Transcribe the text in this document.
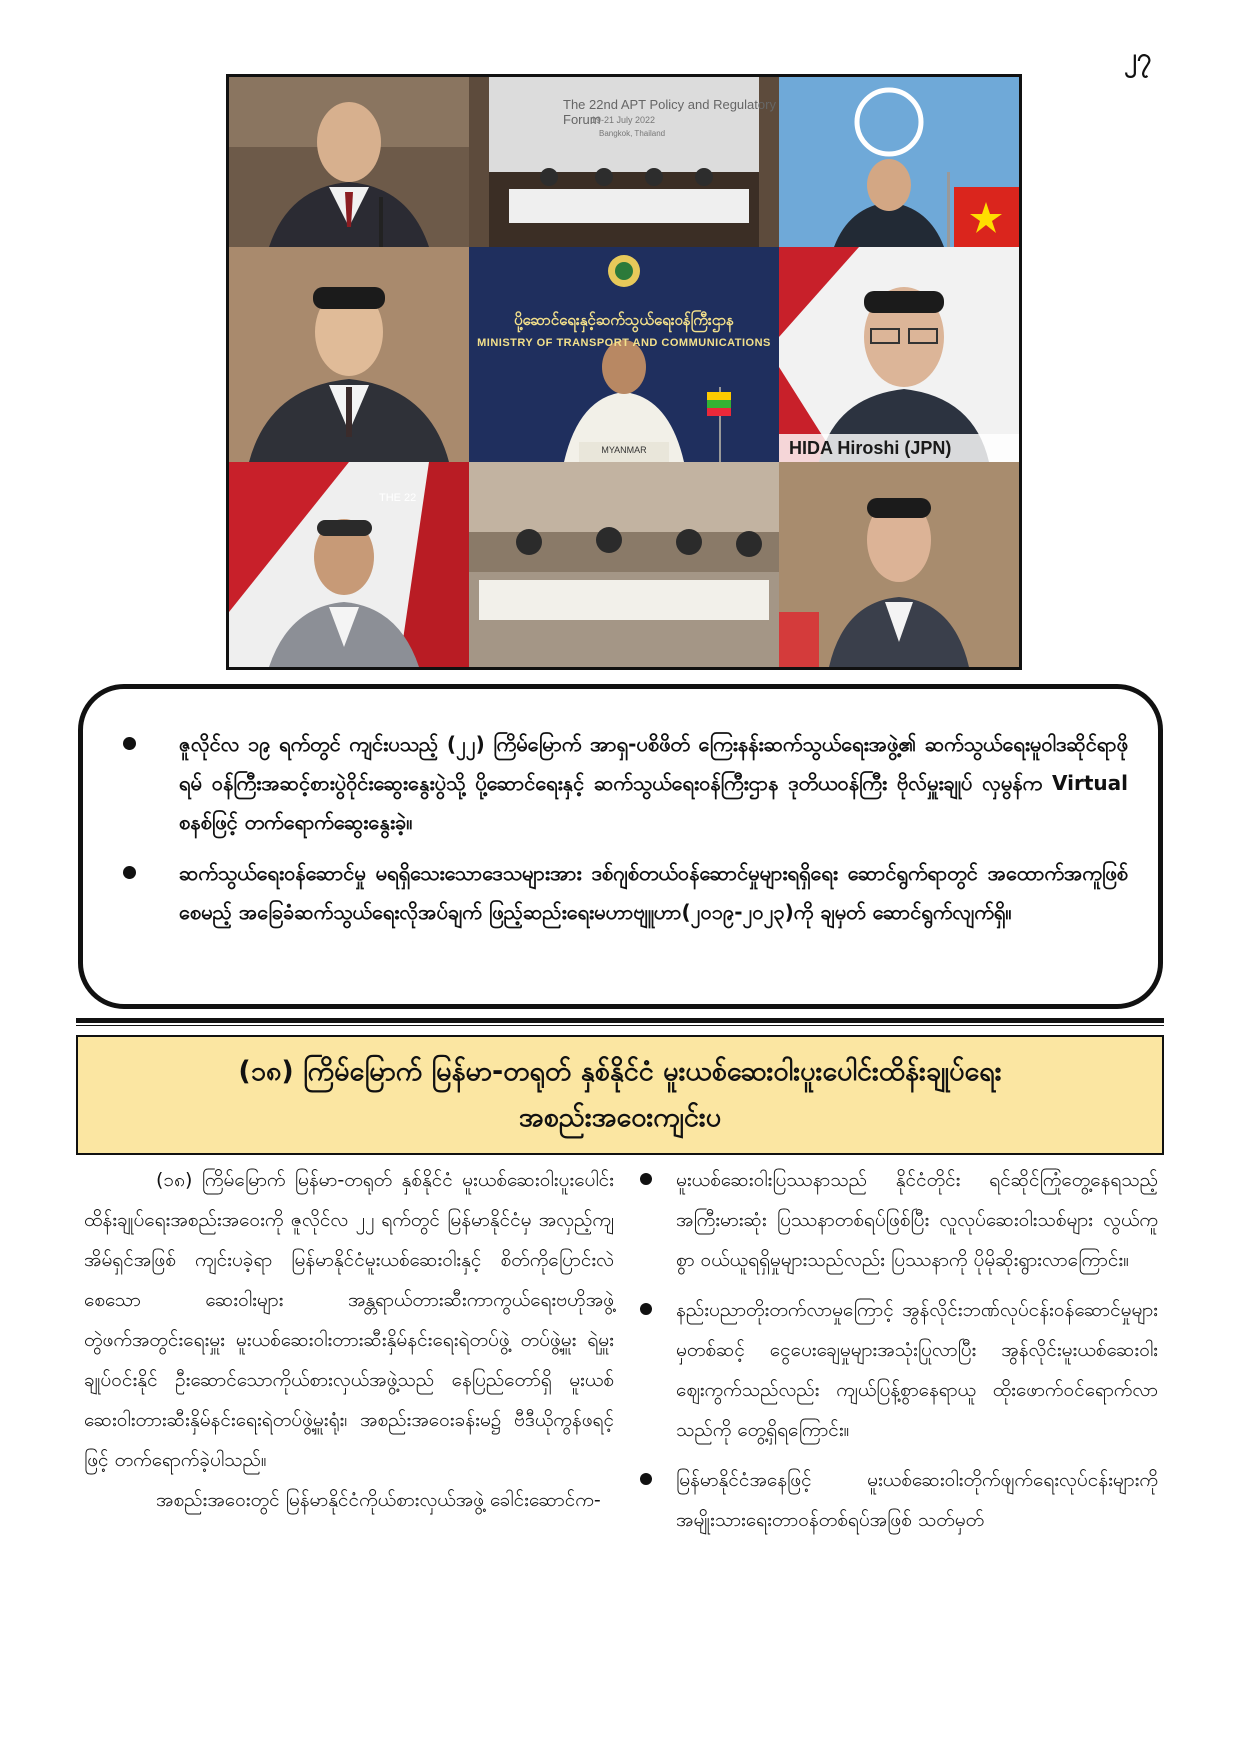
၂၇
The 22nd APT Policy and Regulatory Forum
19-21 July 2022
Bangkok, Thailand
ပို့ဆောင်ရေးနှင့်ဆက်သွယ်ရေးဝန်ကြီးဌာန
MINISTRY OF TRANSPORT AND COMMUNICATIONS
MYANMAR	HIDA Hiroshi (JPN)
THE 22
ဇူလိုင်လ ၁၉ ရက်တွင် ကျင်းပသည့် (၂၂) ကြိမ်မြောက် အာရှ-ပစိဖိတ် ကြေးနန်းဆက်သွယ်ရေးအဖွဲ့၏ ဆက်သွယ်ရေးမူဝါဒဆိုင်ရာဖိုရမ် ဝန်ကြီးအဆင့်စားပွဲဝိုင်းဆွေးနွေးပွဲသို့ ပို့ဆောင်ရေးနှင့် ဆက်သွယ်ရေးဝန်ကြီးဌာန ဒုတိယဝန်ကြီး ဗိုလ်မှူးချုပ် လှမွန်က Virtual စနစ်ဖြင့် တက်ရောက်ဆွေးနွေးခဲ့။
ဆက်သွယ်ရေးဝန်ဆောင်မှု မရရှိသေးသောဒေသများအား ဒစ်ဂျစ်တယ်ဝန်ဆောင်မှုများရရှိရေး ဆောင်ရွက်ရာတွင် အထောက်အကူဖြစ်စေမည့် အခြေခံဆက်သွယ်ရေးလိုအပ်ချက် ဖြည့်ဆည်းရေးမဟာဗျူဟာ(၂၀၁၉-၂၀၂၃)ကို ချမှတ် ဆောင်ရွက်လျက်ရှိ။
(၁၈) ကြိမ်မြောက် မြန်မာ-တရုတ် နှစ်နိုင်ငံ မူးယစ်ဆေးဝါးပူးပေါင်းထိန်းချုပ်ရေး
အစည်းအဝေးကျင်းပ

(၁၈) ကြိမ်မြောက် မြန်မာ-တရုတ် နှစ်နိုင်ငံ မူးယစ်ဆေးဝါးပူးပေါင်းထိန်းချုပ်ရေးအစည်းအဝေးကို ဇူလိုင်လ ၂၂ ရက်တွင် မြန်မာနိုင်ငံမှ အလှည့်ကျအိမ်ရှင်အဖြစ် ကျင်းပခဲ့ရာ မြန်မာနိုင်ငံမူးယစ်ဆေးဝါးနှင့် စိတ်ကိုပြောင်းလဲစေသော ဆေးဝါးများ အန္တရာယ်တားဆီးကာကွယ်ရေးဗဟိုအဖွဲ့ တွဲဖက်အတွင်းရေးမှူး မူးယစ်ဆေးဝါးတားဆီးနှိမ်နင်းရေးရဲတပ်ဖွဲ့ တပ်ဖွဲ့မှူး ရဲမှူးချုပ်ဝင်းနိုင် ဦးဆောင်သောကိုယ်စားလှယ်အဖွဲ့သည် နေပြည်တော်ရှိ မူးယစ်ဆေးဝါးတားဆီးနှိမ်နင်းရေးရဲတပ်ဖွဲ့မှူးရုံး၊ အစည်းအဝေးခန်းမ၌ ဗီဒီယိုကွန်ဖရင့်ဖြင့် တက်ရောက်ခဲ့ပါသည်။

အစည်းအဝေးတွင် မြန်မာနိုင်ငံကိုယ်စားလှယ်အဖွဲ့ ခေါင်းဆောင်က-

မူးယစ်ဆေးဝါးပြဿနာသည် နိုင်ငံတိုင်း ရင်ဆိုင်ကြုံတွေ့နေရသည့် အကြီးမားဆုံး ပြဿနာတစ်ရပ်ဖြစ်ပြီး လူလုပ်ဆေးဝါးသစ်များ လွယ်ကူစွာ ဝယ်ယူရရှိမှုများသည်လည်း ပြဿနာကို ပိုမိုဆိုးရွားလာကြောင်း။
နည်းပညာတိုးတက်လာမှုကြောင့် အွန်လိုင်းဘဏ်လုပ်ငန်းဝန်ဆောင်မှုများမှတစ်ဆင့် ငွေပေးချေမှုများအသုံးပြုလာပြီး အွန်လိုင်းမူးယစ်ဆေးဝါးဈေးကွက်သည်လည်း ကျယ်ပြန့်စွာနေရာယူ ထိုးဖောက်ဝင်ရောက်လာသည်ကို တွေ့ရှိရကြောင်း။
မြန်မာနိုင်ငံအနေဖြင့် မူးယစ်ဆေးဝါးတိုက်ဖျက်ရေးလုပ်ငန်းများကို အမျိုးသားရေးတာဝန်တစ်ရပ်အဖြစ် သတ်မှတ်
